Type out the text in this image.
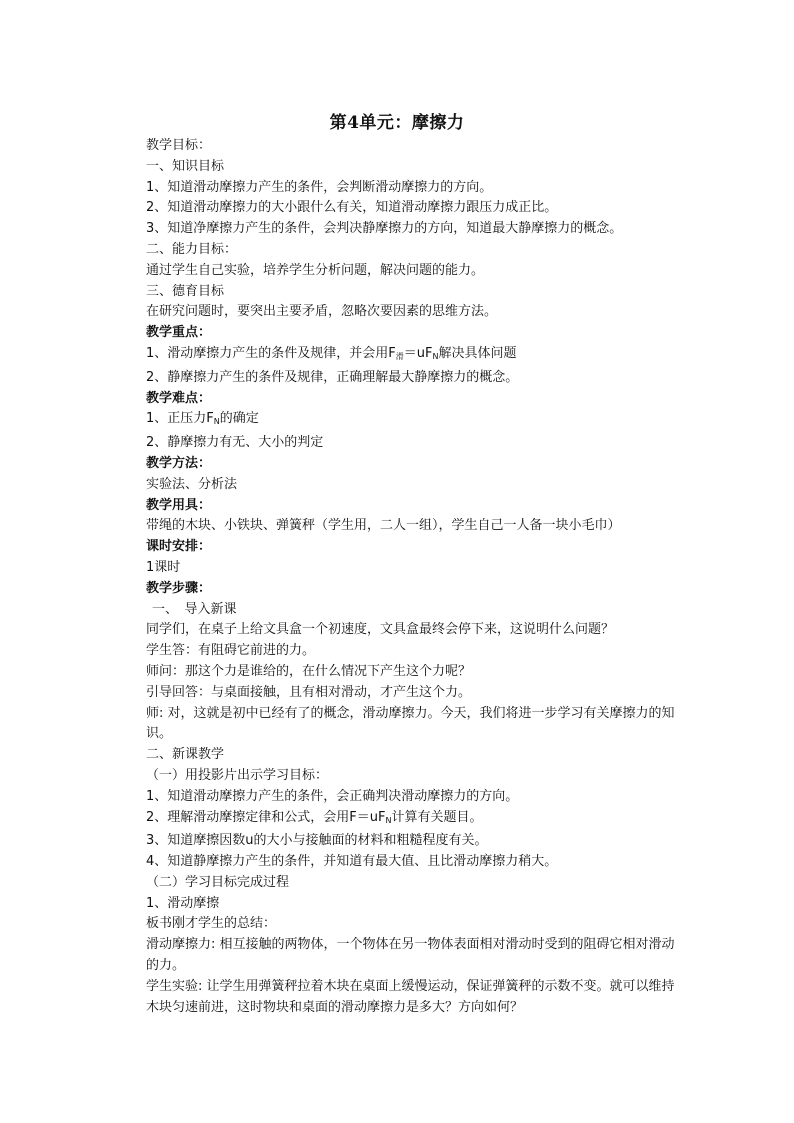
第4单元：摩擦力
教学目标：
一、知识目标
1、知道滑动摩擦力产生的条件，会判断滑动摩擦力的方向。
2、知道滑动摩擦力的大小跟什么有关，知道滑动摩擦力跟压力成正比。
3、知道净摩擦力产生的条件，会判决静摩擦力的方向，知道最大静摩擦力的概念。
二、能力目标：
通过学生自己实验，培养学生分析问题，解决问题的能力。
三、德育目标
在研究问题时，要突出主要矛盾，忽略次要因素的思维方法。
教学重点：
1、滑动摩擦力产生的条件及规律，并会用$F_滑=uF_N$解决具体问题
2、静摩擦力产生的条件及规律，正确理解最大静摩擦力的概念。
教学难点：
1、正压力$F_N$的确定
2、静摩擦力有无、大小的判定
教学方法：
实验法、分析法
教学用具：
带绳的木块、小铁块、弹簧秤（学生用，二人一组），学生自己一人备一块小毛巾）
课时安排：
1课时
教学步骤：
一、　导入新课
同学们，在桌子上给文具盒一个初速度，文具盒最终会停下来，这说明什么问题？
学生答：有阻碍它前进的力。
师问：那这个力是谁给的，在什么情况下产生这个力呢？
引导回答：与桌面接触，且有相对滑动，才产生这个力。
师: 对，这就是初中已经有了的概念，滑动摩擦力。今天，我们将进一步学习有关摩擦力的知识。
二、新课教学
（一）用投影片出示学习目标：
1、知道滑动摩擦力产生的条件，会正确判决滑动摩擦力的方向。
2、理解滑动摩擦定律和公式，会用$F=uF_N$计算有关题目。
3、知道摩擦因数u的大小与接触面的材料和粗糙程度有关。
4、知道静摩擦力产生的条件，并知道有最大值、且比滑动摩擦力稍大。
（二）学习目标完成过程
1、滑动摩擦
板书刚才学生的总结：
滑动摩擦力: 相互接触的两物体，一个物体在另一物体表面相对滑动时受到的阻碍它相对滑动的力。
学生实验: 让学生用弹簧秤拉着木块在桌面上缓慢运动，保证弹簧秤的示数不变。就可以维持木块匀速前进，这时物块和桌面的滑动摩擦力是多大？方向如何？
